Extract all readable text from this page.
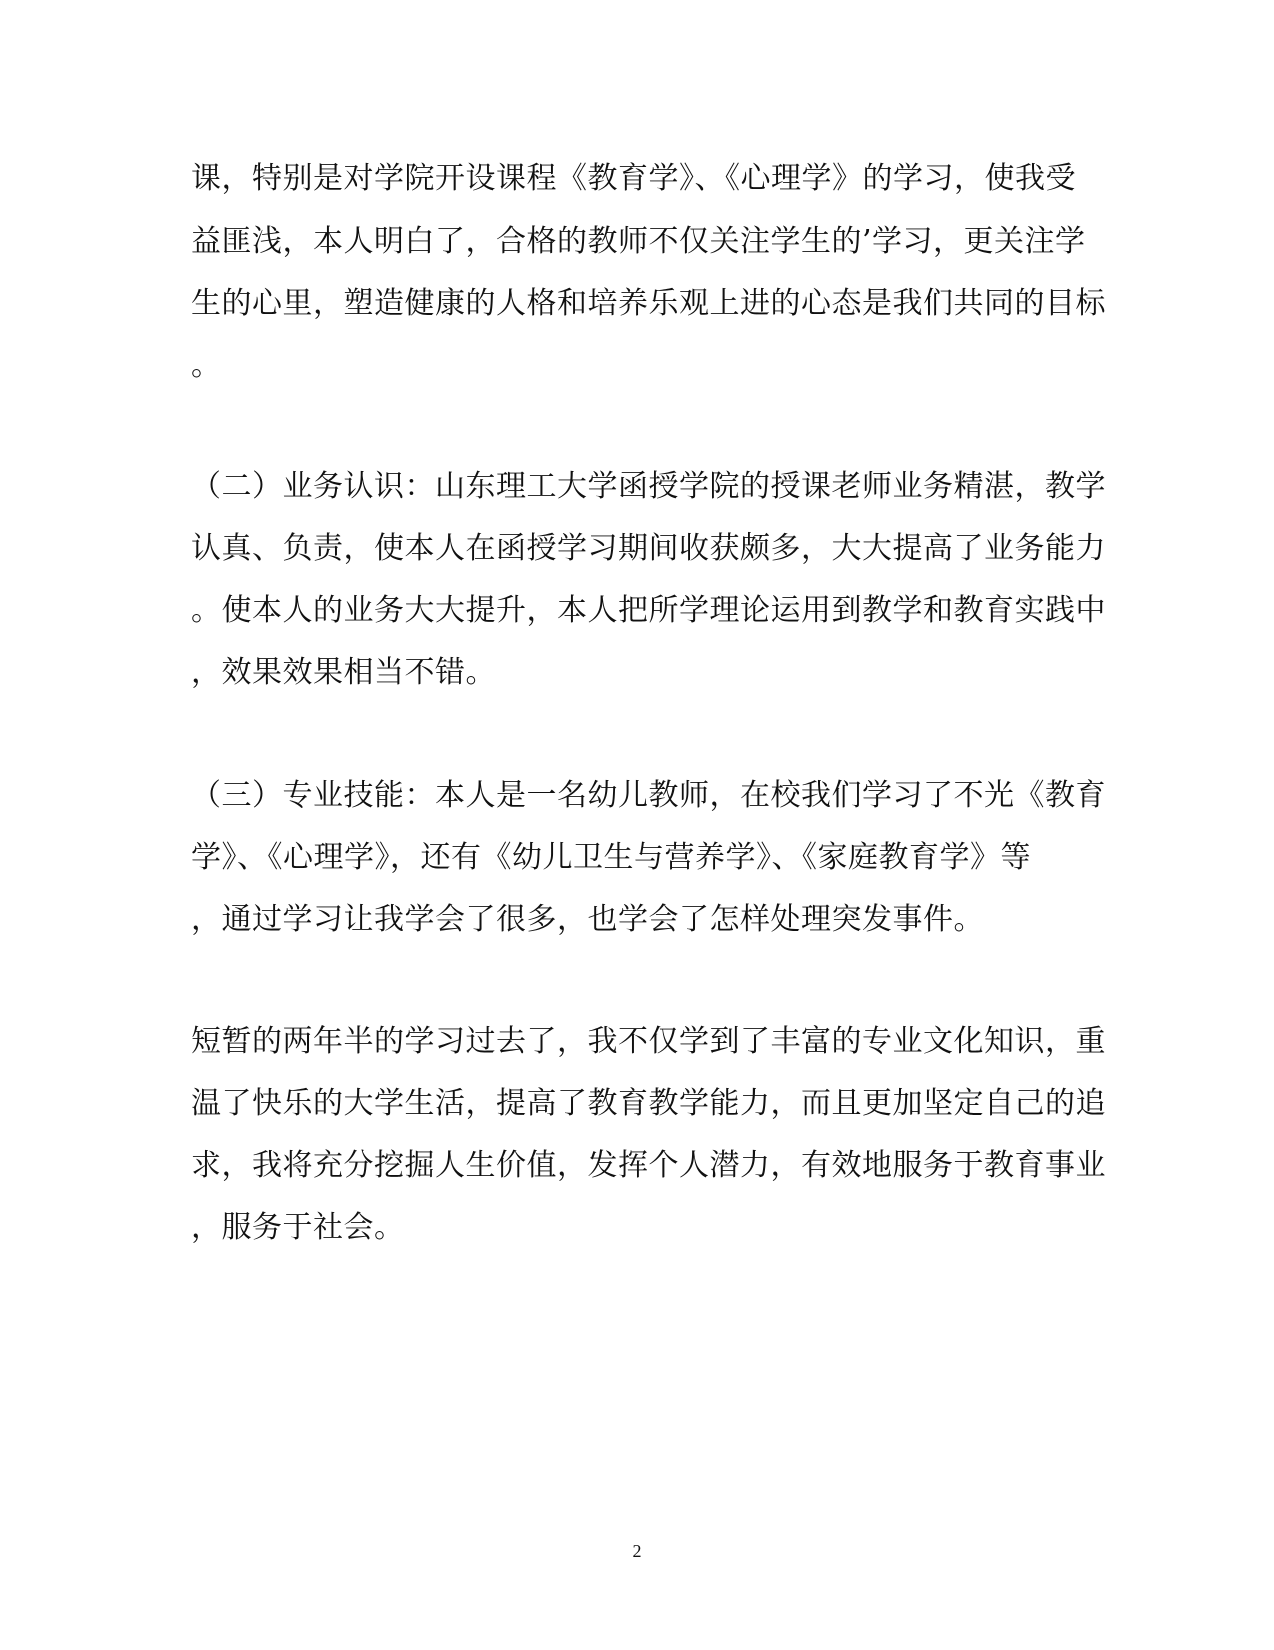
课，特别是对学院开设课程《教育学》、《心理学》的学习，使我受
益匪浅，本人明白了，合格的教师不仅关注学生的’学习，更关注学
生的心里，塑造健康的人格和培养乐观上进的心态是我们共同的目标
。
（二）业务认识：山东理工大学函授学院的授课老师业务精湛，教学
认真、负责，使本人在函授学习期间收获颇多，大大提高了业务能力
。使本人的业务大大提升，本人把所学理论运用到教学和教育实践中
，效果效果相当不错。
（三）专业技能：本人是一名幼儿教师，在校我们学习了不光《教育
学》、《心理学》，还有《幼儿卫生与营养学》、《家庭教育学》等
，通过学习让我学会了很多，也学会了怎样处理突发事件。
短暂的两年半的学习过去了，我不仅学到了丰富的专业文化知识，重
温了快乐的大学生活，提高了教育教学能力，而且更加坚定自己的追
求，我将充分挖掘人生价值，发挥个人潜力，有效地服务于教育事业
，服务于社会。
2
